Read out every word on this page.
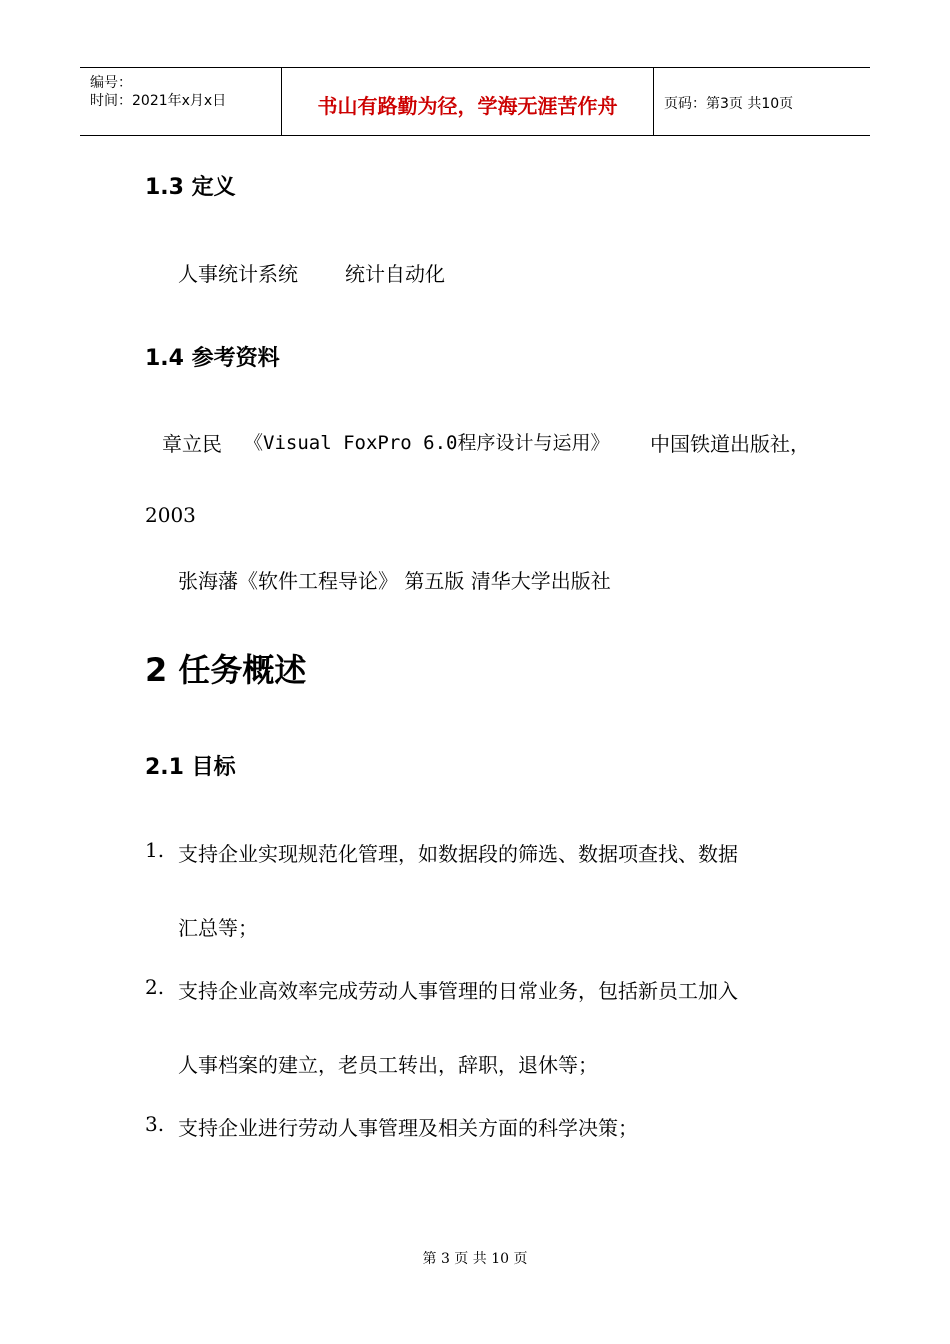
编号：
时间：2021年x月x日	书山有路勤为径，学海无涯苦作舟	页码：第3页 共10页
1.3 定义
人事统计系统 统计自动化
1.4 参考资料
章立民 《Visual FoxPro 6.0程序设计与运用》 中国铁道出版社，
2003
张海藩《软件工程导论》 第五版 清华大学出版社
2 任务概述
2.1 目标
1. 支持企业实现规范化管理，如数据段的筛选、数据项查找、数据
汇总等；
2. 支持企业高效率完成劳动人事管理的日常业务，包括新员工加入
人事档案的建立，老员工转出，辞职，退休等；
3. 支持企业进行劳动人事管理及相关方面的科学决策；
第 3 页 共 10 页
